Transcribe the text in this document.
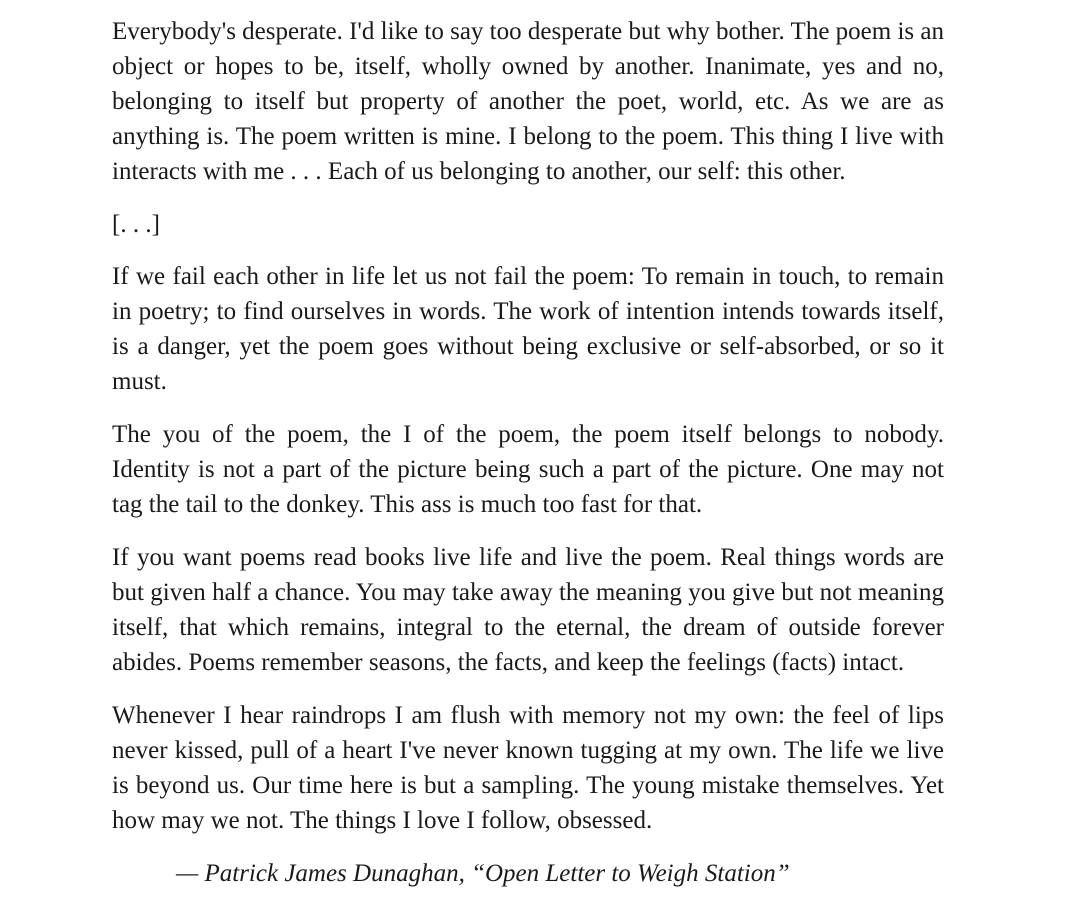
Everybody's desperate. I'd like to say too desperate but why bother. The poem is an object or hopes to be, itself, wholly owned by another. Inanimate, yes and no, belonging to itself but property of another the poet, world, etc. As we are as anything is. The poem written is mine. I belong to the poem. This thing I live with interacts with me . . . Each of us belonging to another, our self: this other.

[. . .]

If we fail each other in life let us not fail the poem: To remain in touch, to remain in poetry; to find ourselves in words. The work of intention intends towards itself, is a danger, yet the poem goes without being exclusive or self-absorbed, or so it must.

The you of the poem, the I of the poem, the poem itself belongs to nobody. Identity is not a part of the picture being such a part of the picture. One may not tag the tail to the donkey. This ass is much too fast for that.

If you want poems read books live life and live the poem. Real things words are but given half a chance. You may take away the meaning you give but not meaning itself, that which remains, integral to the eternal, the dream of outside forever abides. Poems remember seasons, the facts, and keep the feelings (facts) intact.

Whenever I hear raindrops I am flush with memory not my own: the feel of lips never kissed, pull of a heart I've never known tugging at my own. The life we live is beyond us. Our time here is but a sampling. The young mistake themselves. Yet how may we not. The things I love I follow, obsessed.

— Patrick James Dunaghan, “Open Letter to Weigh Station”
